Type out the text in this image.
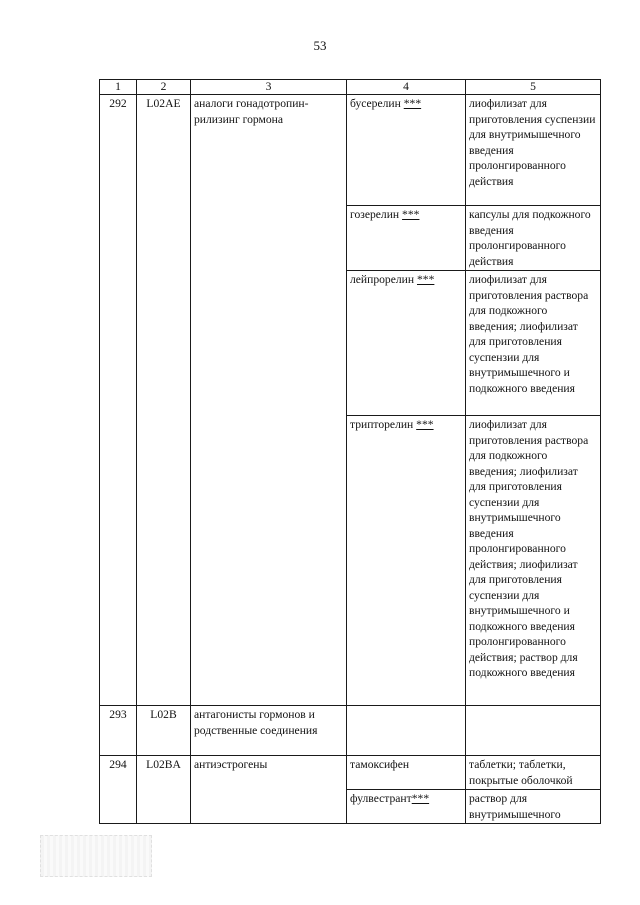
53
1	2	3	4	5
292	L02AE	аналоги гонадотропин-рилизинг гормона	бусерелин ***	лиофилизат для приготовления суспензии для внутримышечного введения пролонгированного действия
			гозерелин ***	капсулы для подкожного введения пролонгированного действия
			лейпрорелин ***	лиофилизат для приготовления раствора для подкожного введения; лиофилизат для приготовления суспензии для внутримышечного и подкожного введения
			трипторелин ***	лиофилизат для приготовления раствора для подкожного введения; лиофилизат для приготовления суспензии для внутримышечного введения пролонгированного действия; лиофилизат для приготовления суспензии для внутримышечного и подкожного введения пролонгированного действия; раствор для подкожного введения
293	L02B	антагонисты гормонов и родственные соединения		
294	L02BA	антиэстрогены	тамоксифен	таблетки; таблетки, покрытые оболочкой
			фулвестрант***	раствор для внутримышечного
